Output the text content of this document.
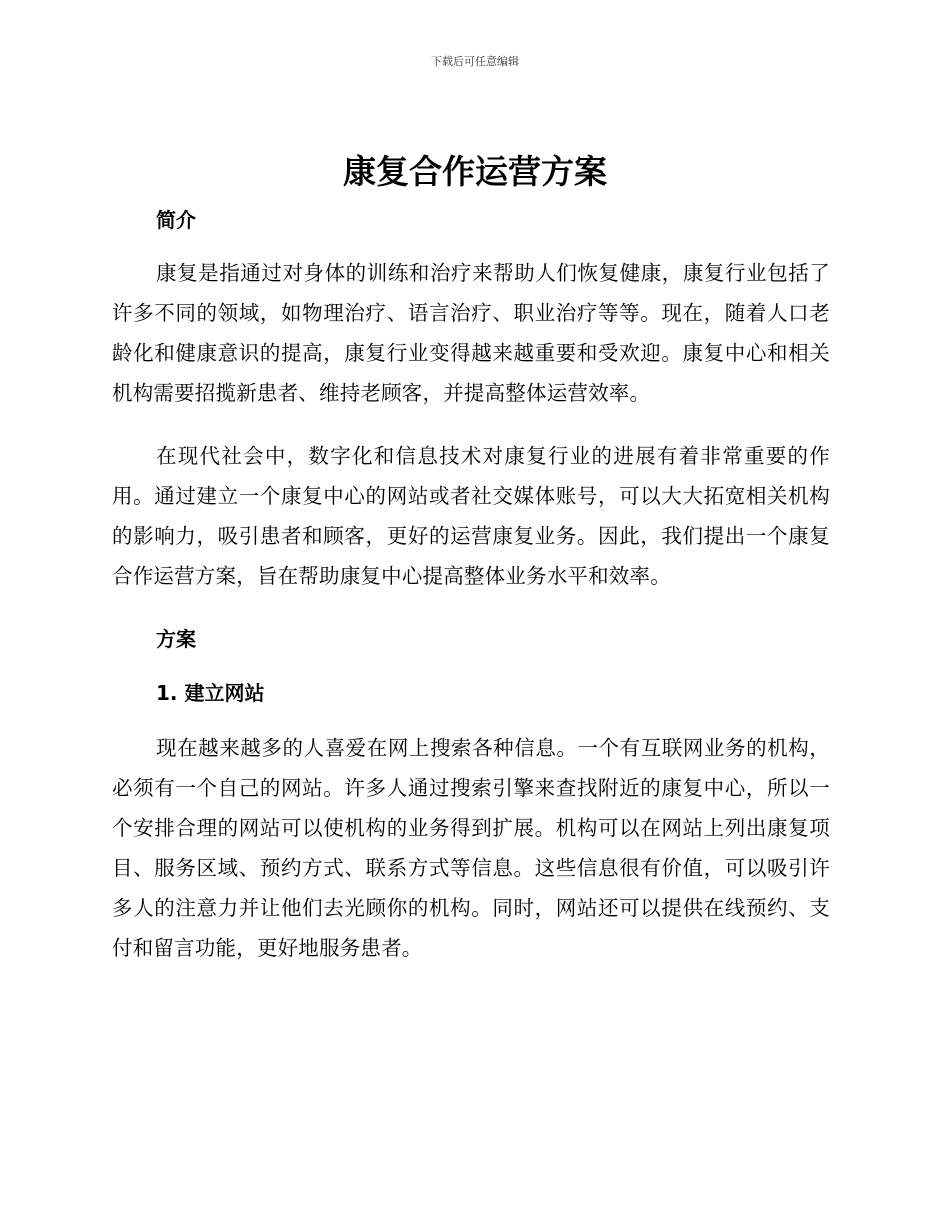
下载后可任意编辑
康复合作运营方案
简介

康复是指通过对身体的训练和治疗来帮助人们恢复健康，康复行业包括了许多不同的领域，如物理治疗、语言治疗、职业治疗等等。现在，随着人口老龄化和健康意识的提高，康复行业变得越来越重要和受欢迎。康复中心和相关机构需要招揽新患者、维持老顾客，并提高整体运营效率。

在现代社会中，数字化和信息技术对康复行业的进展有着非常重要的作用。通过建立一个康复中心的网站或者社交媒体账号，可以大大拓宽相关机构的影响力，吸引患者和顾客，更好的运营康复业务。因此，我们提出一个康复合作运营方案，旨在帮助康复中心提高整体业务水平和效率。

方案
1. 建立网站

现在越来越多的人喜爱在网上搜索各种信息。一个有互联网业务的机构，必须有一个自己的网站。许多人通过搜索引擎来查找附近的康复中心，所以一个安排合理的网站可以使机构的业务得到扩展。机构可以在网站上列出康复项目、服务区域、预约方式、联系方式等信息。这些信息很有价值，可以吸引许多人的注意力并让他们去光顾你的机构。同时，网站还可以提供在线预约、支付和留言功能，更好地服务患者。
